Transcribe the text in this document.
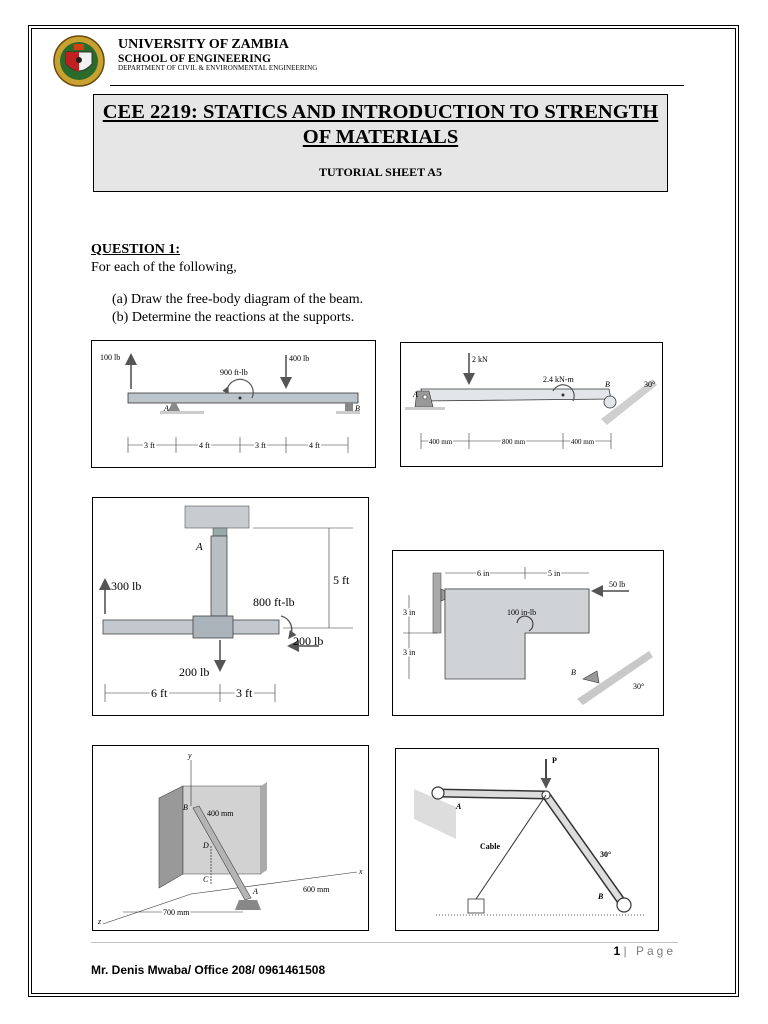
UNIVERSITY OF ZAMBIA
SCHOOL OF ENGINEERING
DEPARTMENT OF CIVIL & ENVIRONMENTAL ENGINEERING
CEE 2219: STATICS AND INTRODUCTION TO STRENGTH OF MATERIALS
TUTORIAL SHEET A5
QUESTION 1:
For each of the following,
(a) Draw the free-body diagram of the beam.
(b) Determine the reactions at the supports.
100 lb	400 lb
900 ft-lb
A	B
3 ft	4 ft	3 ft	4 ft
A
2 kN
2.4 kN-m
B	30°
400 mm	800 mm	400 mm
A
300 lb
200 lb
800 ft-lb
200 lb
5 ft
6 ft	3 ft
50 lb
100 in-lb
B
30°
6 in	5 in
3 in
3 in
y
x
z
B
D
C
A
400 mm
600 mm
700 mm
P
A
B
Cable
30°
1 | Page
Mr. Denis Mwaba/ Office 208/ 0961461508
